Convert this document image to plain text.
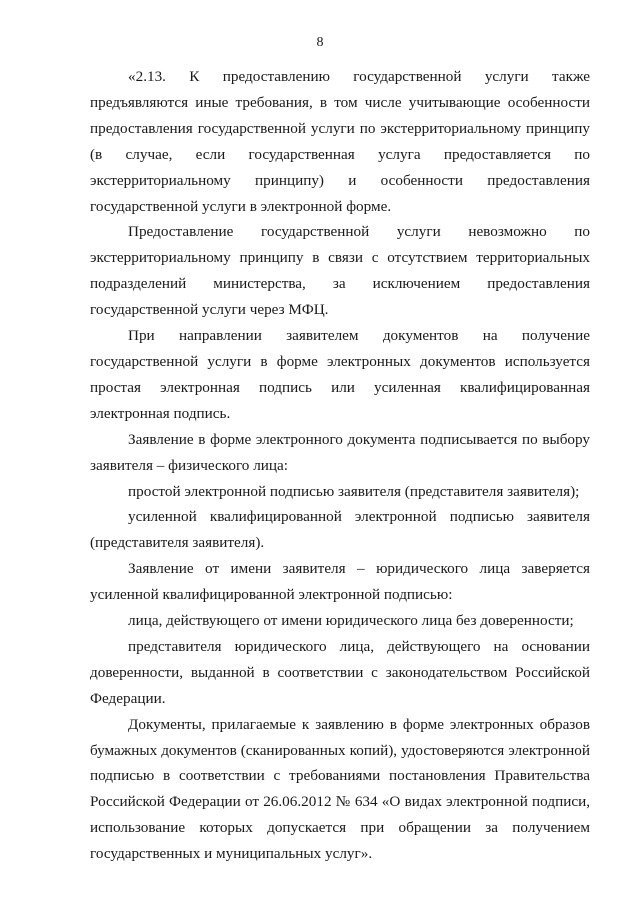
8

«2.13. К предоставлению государственной услуги также предъявляются иные требования, в том числе учитывающие особенности предоставления государственной услуги по экстерриториальному принципу (в случае, если государственная услуга предоставляется по экстерриториальному принципу) и особенности предоставления государственной услуги в электронной форме.

Предоставление государственной услуги невозможно по экстерриториальному принципу в связи с отсутствием территориальных подразделений министерства, за исключением предоставления государственной услуги через МФЦ.

При направлении заявителем документов на получение государственной услуги в форме электронных документов используется простая электронная подпись или усиленная квалифицированная электронная подпись.

Заявление в форме электронного документа подписывается по выбору заявителя – физического лица:

простой электронной подписью заявителя (представителя заявителя);

усиленной квалифицированной электронной подписью заявителя (представителя заявителя).

Заявление от имени заявителя – юридического лица заверяется усиленной квалифицированной электронной подписью:

лица, действующего от имени юридического лица без доверенности;

представителя юридического лица, действующего на основании доверенности, выданной в соответствии с законодательством Российской Федерации.

Документы, прилагаемые к заявлению в форме электронных образов бумажных документов (сканированных копий), удостоверяются электронной подписью в соответствии с требованиями постановления Правительства Российской Федерации от 26.06.2012 № 634 «О видах электронной подписи, использование которых допускается при обращении за получением государственных и муниципальных услуг».
